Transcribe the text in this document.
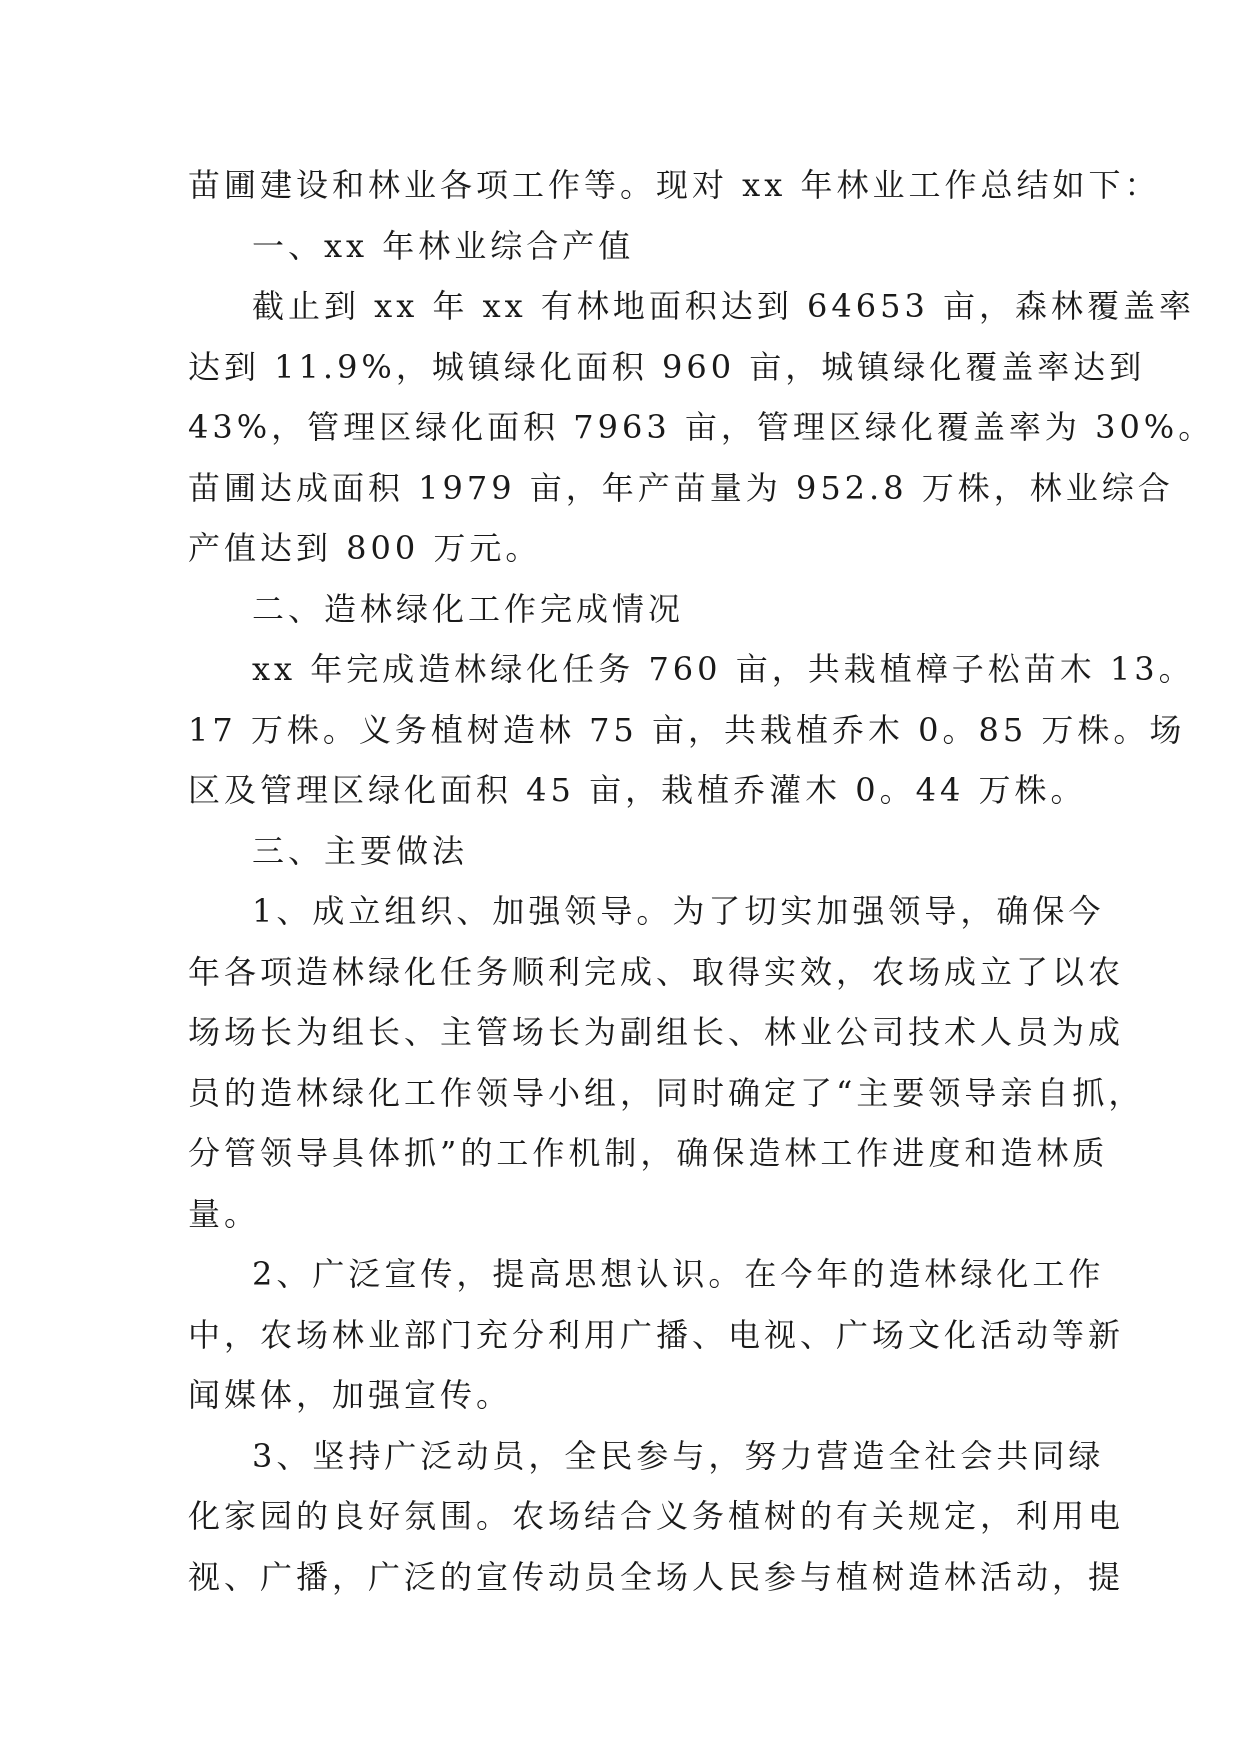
苗圃建设和林业各项工作等。现对 xx 年林业工作总结如下：

一、xx 年林业综合产值

截止到 xx 年 xx 有林地面积达到 64653 亩，森林覆盖率

达到 11.9%，城镇绿化面积 960 亩，城镇绿化覆盖率达到

43%，管理区绿化面积 7963 亩，管理区绿化覆盖率为 30%。

苗圃达成面积 1979 亩，年产苗量为 952.8 万株，林业综合

产值达到 800 万元。

二、造林绿化工作完成情况

xx 年完成造林绿化任务 760 亩，共栽植樟子松苗木 13。

17 万株。义务植树造林 75 亩，共栽植乔木 0。85 万株。场

区及管理区绿化面积 45 亩，栽植乔灌木 0。44 万株。

三、主要做法

1、成立组织、加强领导。为了切实加强领导，确保今

年各项造林绿化任务顺利完成、取得实效，农场成立了以农

场场长为组长、主管场长为副组长、林业公司技术人员为成

员的造林绿化工作领导小组，同时确定了“主要领导亲自抓，

分管领导具体抓”的工作机制，确保造林工作进度和造林质

量。

2、广泛宣传，提高思想认识。在今年的造林绿化工作

中，农场林业部门充分利用广播、电视、广场文化活动等新

闻媒体，加强宣传。

3、坚持广泛动员，全民参与，努力营造全社会共同绿

化家园的良好氛围。农场结合义务植树的有关规定，利用电

视、广播，广泛的宣传动员全场人民参与植树造林活动，提
